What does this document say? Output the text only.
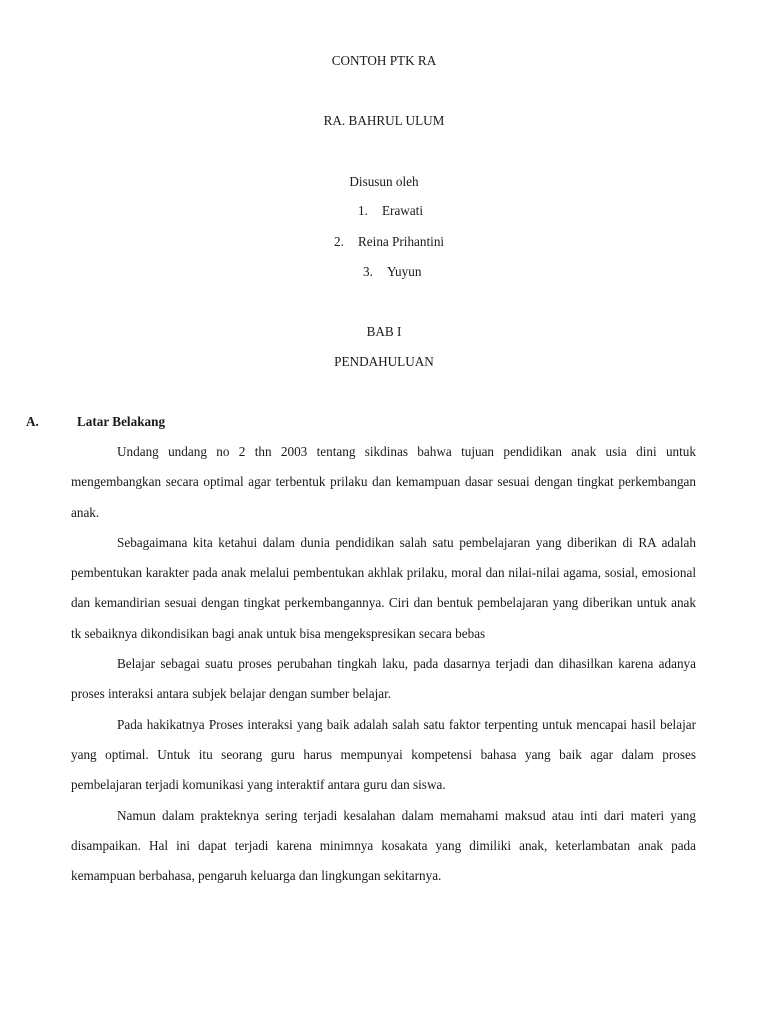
CONTOH PTK RA
RA. BAHRUL ULUM
Disusun oleh
1. Erawati
2. Reina Prihantini
3. Yuyun
BAB I
PENDAHULUAN
A.	Latar Belakang

Undang undang no 2 thn 2003 tentang sikdinas bahwa tujuan pendidikan anak usia dini untuk mengembangkan secara optimal agar terbentuk prilaku dan kemampuan dasar sesuai dengan tingkat perkembangan anak.

Sebagaimana kita ketahui dalam dunia pendidikan salah satu pembelajaran yang diberikan di RA adalah pembentukan karakter pada anak melalui pembentukan akhlak prilaku, moral dan nilai-nilai agama, sosial, emosional dan kemandirian sesuai dengan tingkat perkembangannya. Ciri dan bentuk pembelajaran yang diberikan untuk anak tk sebaiknya dikondisikan bagi anak untuk bisa mengekspresikan secara bebas

Belajar sebagai suatu proses perubahan tingkah laku, pada dasarnya terjadi dan dihasilkan karena adanya proses interaksi antara subjek belajar dengan sumber belajar.

Pada hakikatnya Proses interaksi yang baik adalah salah satu faktor terpenting untuk mencapai hasil belajar yang optimal. Untuk itu seorang guru harus mempunyai kompetensi bahasa yang baik agar dalam proses pembelajaran terjadi komunikasi yang interaktif antara guru dan siswa.

Namun dalam prakteknya sering terjadi kesalahan dalam memahami maksud atau inti dari materi yang disampaikan. Hal ini dapat terjadi karena minimnya kosakata yang dimiliki anak, keterlambatan anak pada kemampuan berbahasa, pengaruh keluarga dan lingkungan sekitarnya.
